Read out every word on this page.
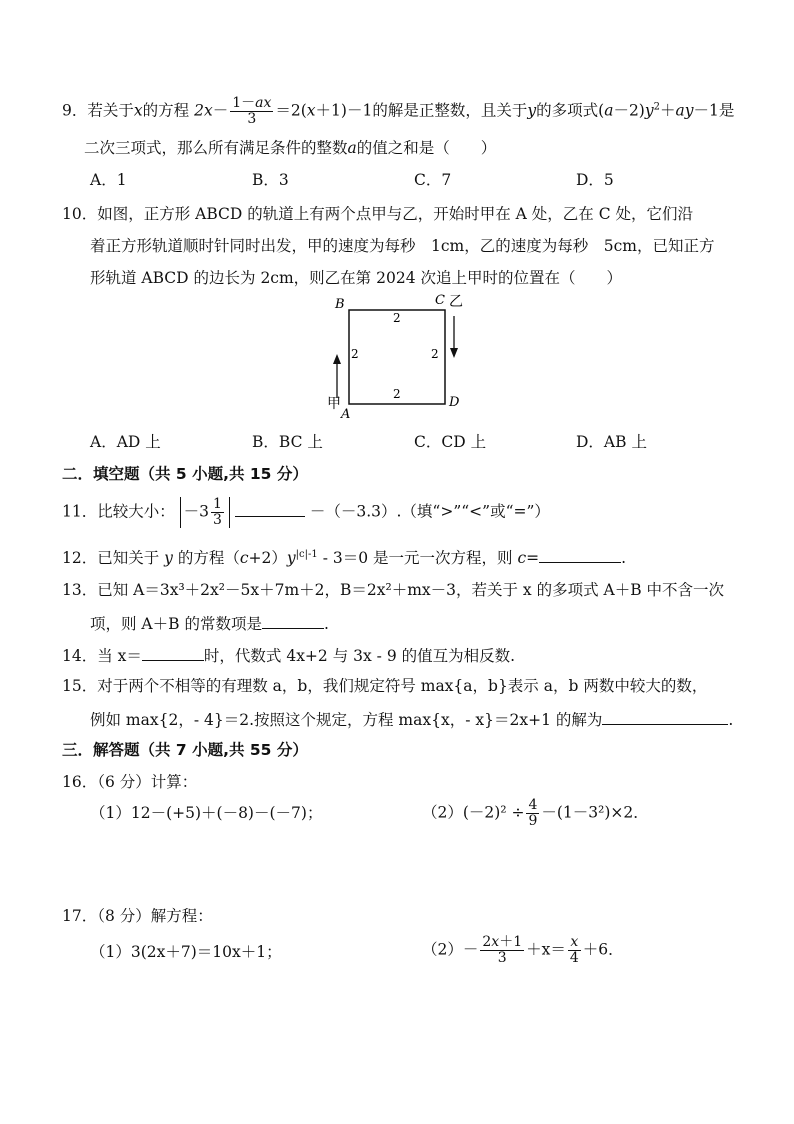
9．若关于x的方程 $2x- \frac{1-ax}{3} =2(x+1)-1$的解是正整数，且关于y的多项式$(a-2)y^2+ay-1$是
二次三项式，那么所有满足条件的整数a的值之和是（　　）
A．1	B．3	C．7	D．5
10．如图，正方形 ABCD 的轨道上有两个点甲与乙，开始时甲在 A 处，乙在 C 处，它们沿
着正方形轨道顺时针同时出发，甲的速度为每秒　1cm，乙的速度为每秒　5cm，已知正方
形轨道 ABCD 的边长为 2cm，则乙在第 2024 次追上甲时的位置在（　　）
B	C 乙
D
A
甲
2
2
2	2
A．AD 上	B．BC 上	C．CD 上	D．AB 上
二．填空题（共 5 小题,共 15 分）
11．比较大小： $-3 \frac{1}{3}$	－（－3.3）.（填“>”“<”或“=”）
12．已知关于 y 的方程$(c+2)y^{|c|-1} - 3=0$ 是一元一次方程，则 c=	.
13．已知 A＝3x³＋2x²－5x＋7m＋2，B＝2x²＋mx－3，若关于 x 的多项式 A＋B 中不含一次
项，则 A＋B 的常数项是	.
14．当 x＝	时，代数式 4x+2 与 3x - 9 的值互为相反数.
15．对于两个不相等的有理数 a，b，我们规定符号 max{a，b}表示 a，b 两数中较大的数，
例如 max{2，- 4}＝2.按照这个规定，方程 max{x，- x}＝2x+1 的解为	.
三．解答题（共 7 小题,共 55 分）
16．（6 分）计算：
（1）12－(+5)＋(－8)－(－7)；	$(2)(-2)^2 \div \frac{4}{9} -(1-3^2)\times 2$．
17．（8 分）解方程：
（1）3(2x＋7)＝10x＋1；	$(2)- \frac{2x+1}{3} +x= \frac{x}{4} +6$．
